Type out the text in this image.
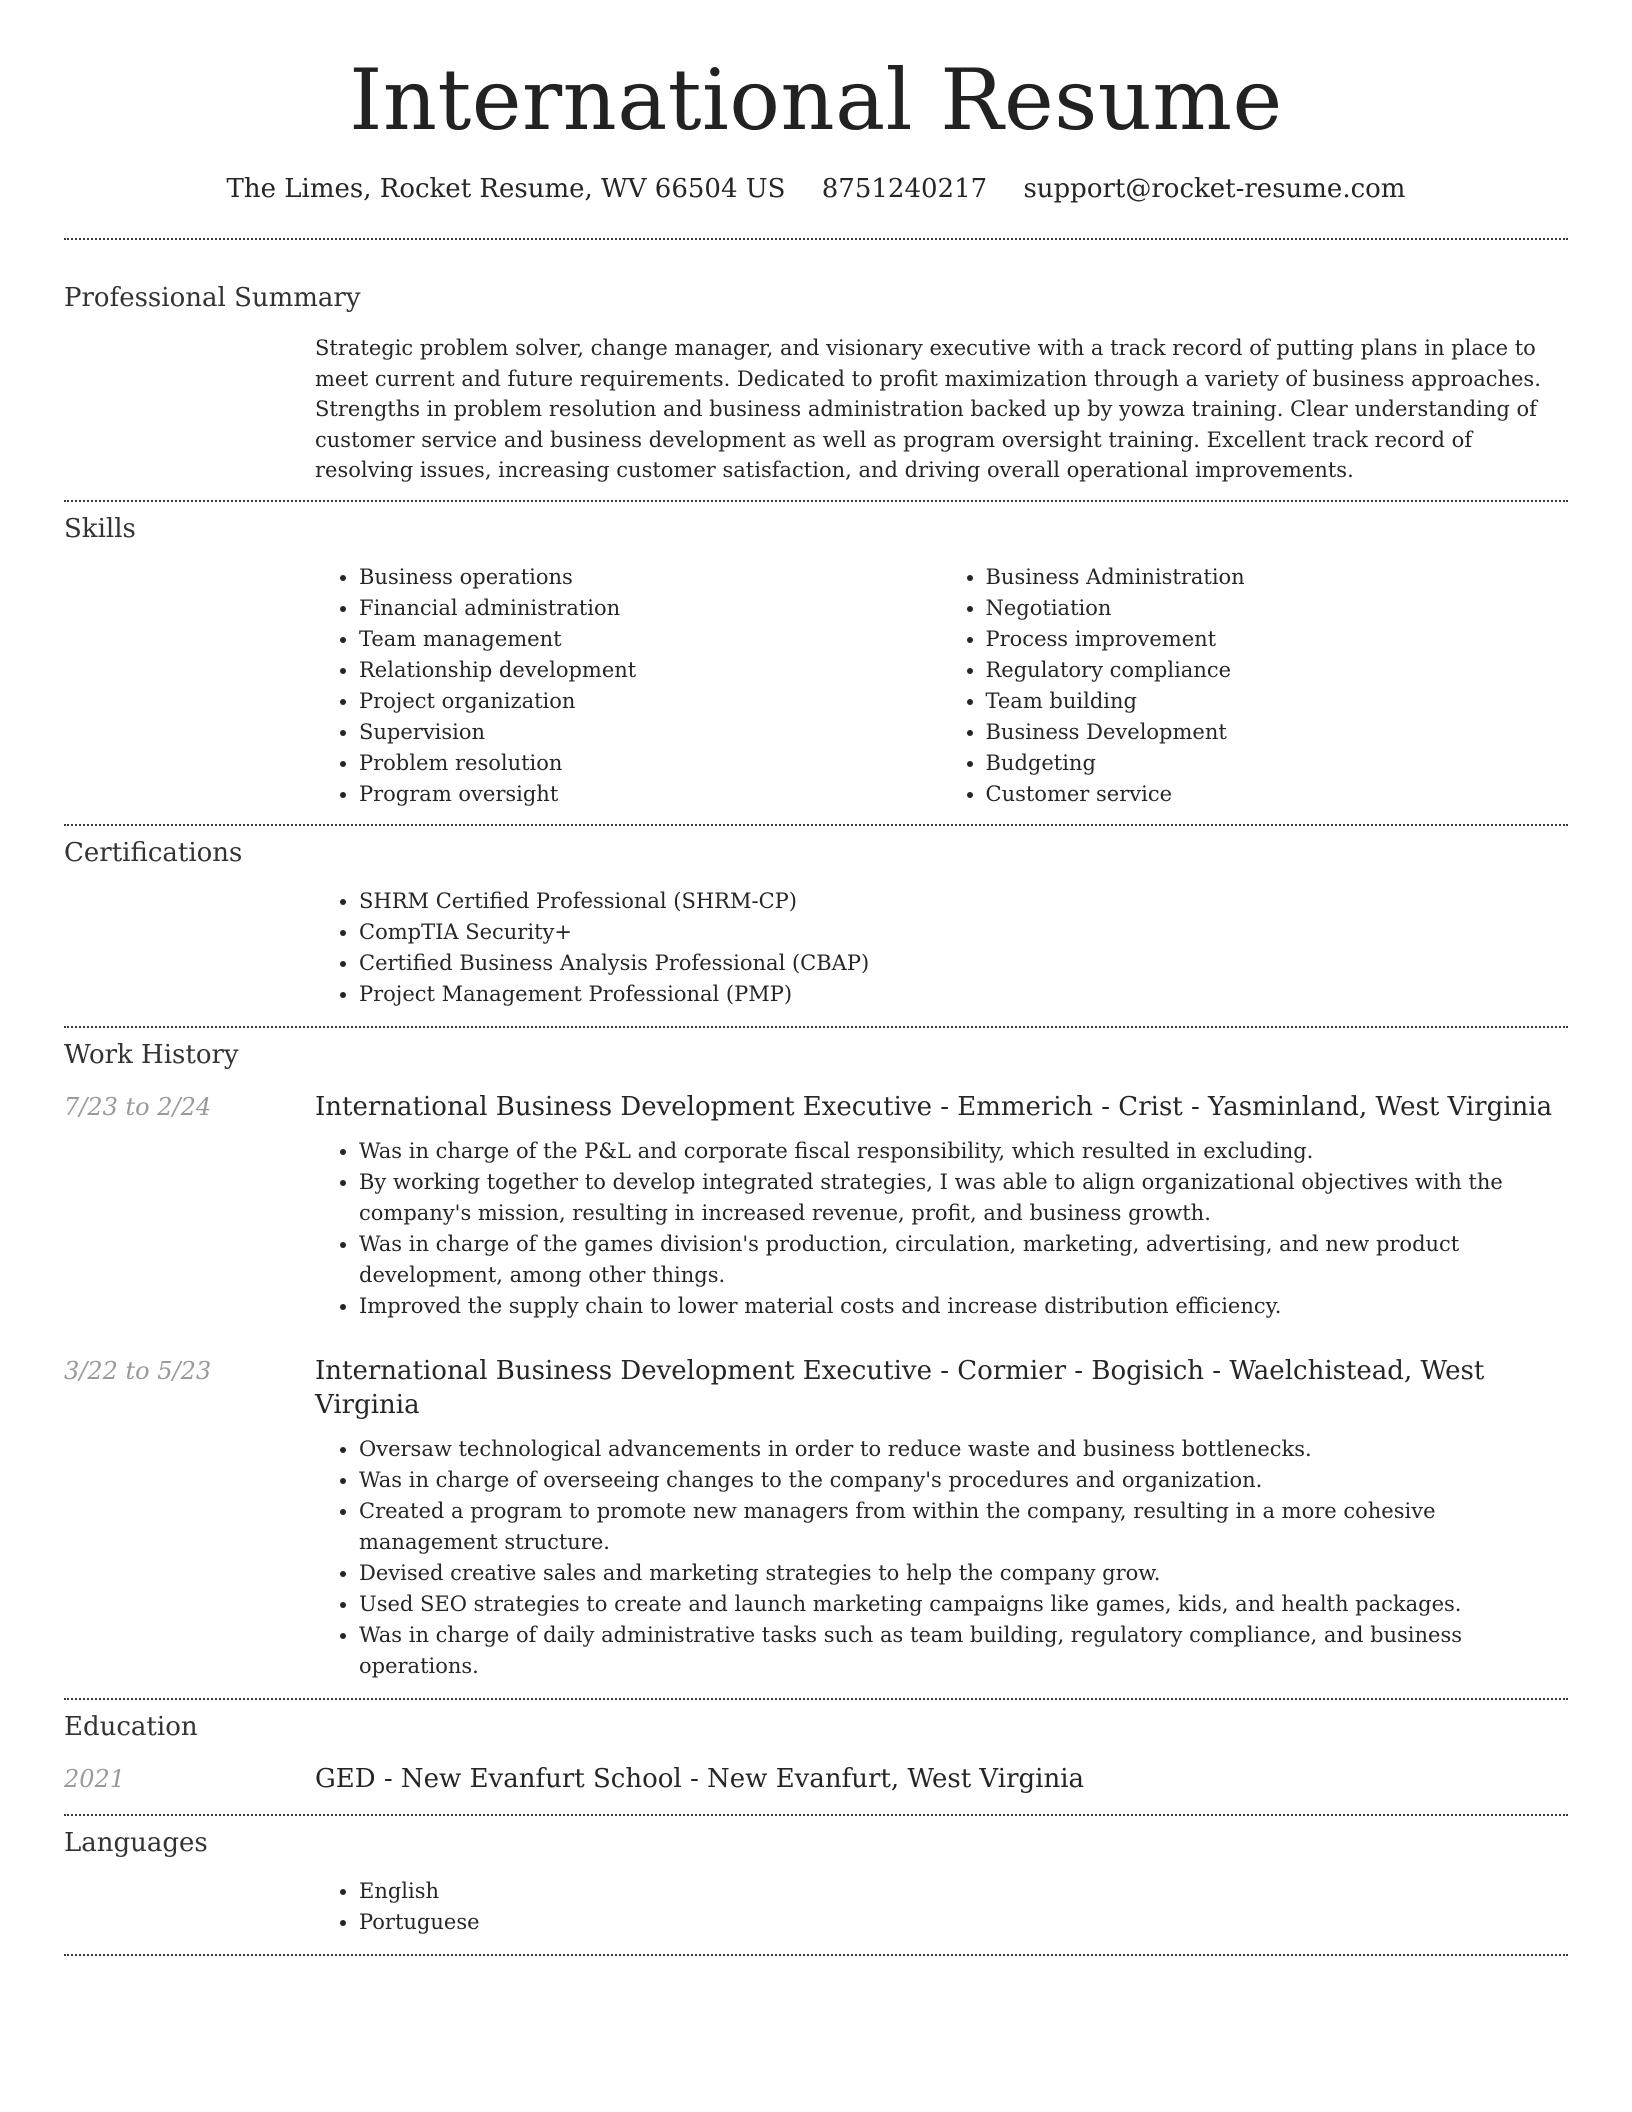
International Resume
The Limes, Rocket Resume, WV 66504 US 8751240217 support@rocket-resume.com
Professional Summary
Strategic problem solver, change manager, and visionary executive with a track record of putting plans in place to meet current and future requirements. Dedicated to profit maximization through a variety of business approaches. Strengths in problem resolution and business administration backed up by yowza training. Clear understanding of customer service and business development as well as program oversight training. Excellent track record of resolving issues, increasing customer satisfaction, and driving overall operational improvements.
Skills
• Business operations
• Financial administration
• Team management
• Relationship development
• Project organization
• Supervision
• Problem resolution
• Program oversight
• Business Administration
• Negotiation
• Process improvement
• Regulatory compliance
• Team building
• Business Development
• Budgeting
• Customer service
Certifications
• SHRM Certified Professional (SHRM-CP)
• CompTIA Security+
• Certified Business Analysis Professional (CBAP)
• Project Management Professional (PMP)
Work History
7/23 to 2/24	International Business Development Executive - Emmerich - Crist - Yasminland, West Virginia
• Was in charge of the P&L and corporate fiscal responsibility, which resulted in excluding.
• By working together to develop integrated strategies, I was able to align organizational objectives with the company's mission, resulting in increased revenue, profit, and business growth.
• Was in charge of the games division's production, circulation, marketing, advertising, and new product development, among other things.
• Improved the supply chain to lower material costs and increase distribution efficiency.
3/22 to 5/23	International Business Development Executive - Cormier - Bogisich - Waelchistead, West Virginia
• Oversaw technological advancements in order to reduce waste and business bottlenecks.
• Was in charge of overseeing changes to the company's procedures and organization.
• Created a program to promote new managers from within the company, resulting in a more cohesive management structure.
• Devised creative sales and marketing strategies to help the company grow.
• Used SEO strategies to create and launch marketing campaigns like games, kids, and health packages.
• Was in charge of daily administrative tasks such as team building, regulatory compliance, and business operations.
Education
2021	GED - New Evanfurt School - New Evanfurt, West Virginia
Languages
• English
• Portuguese
